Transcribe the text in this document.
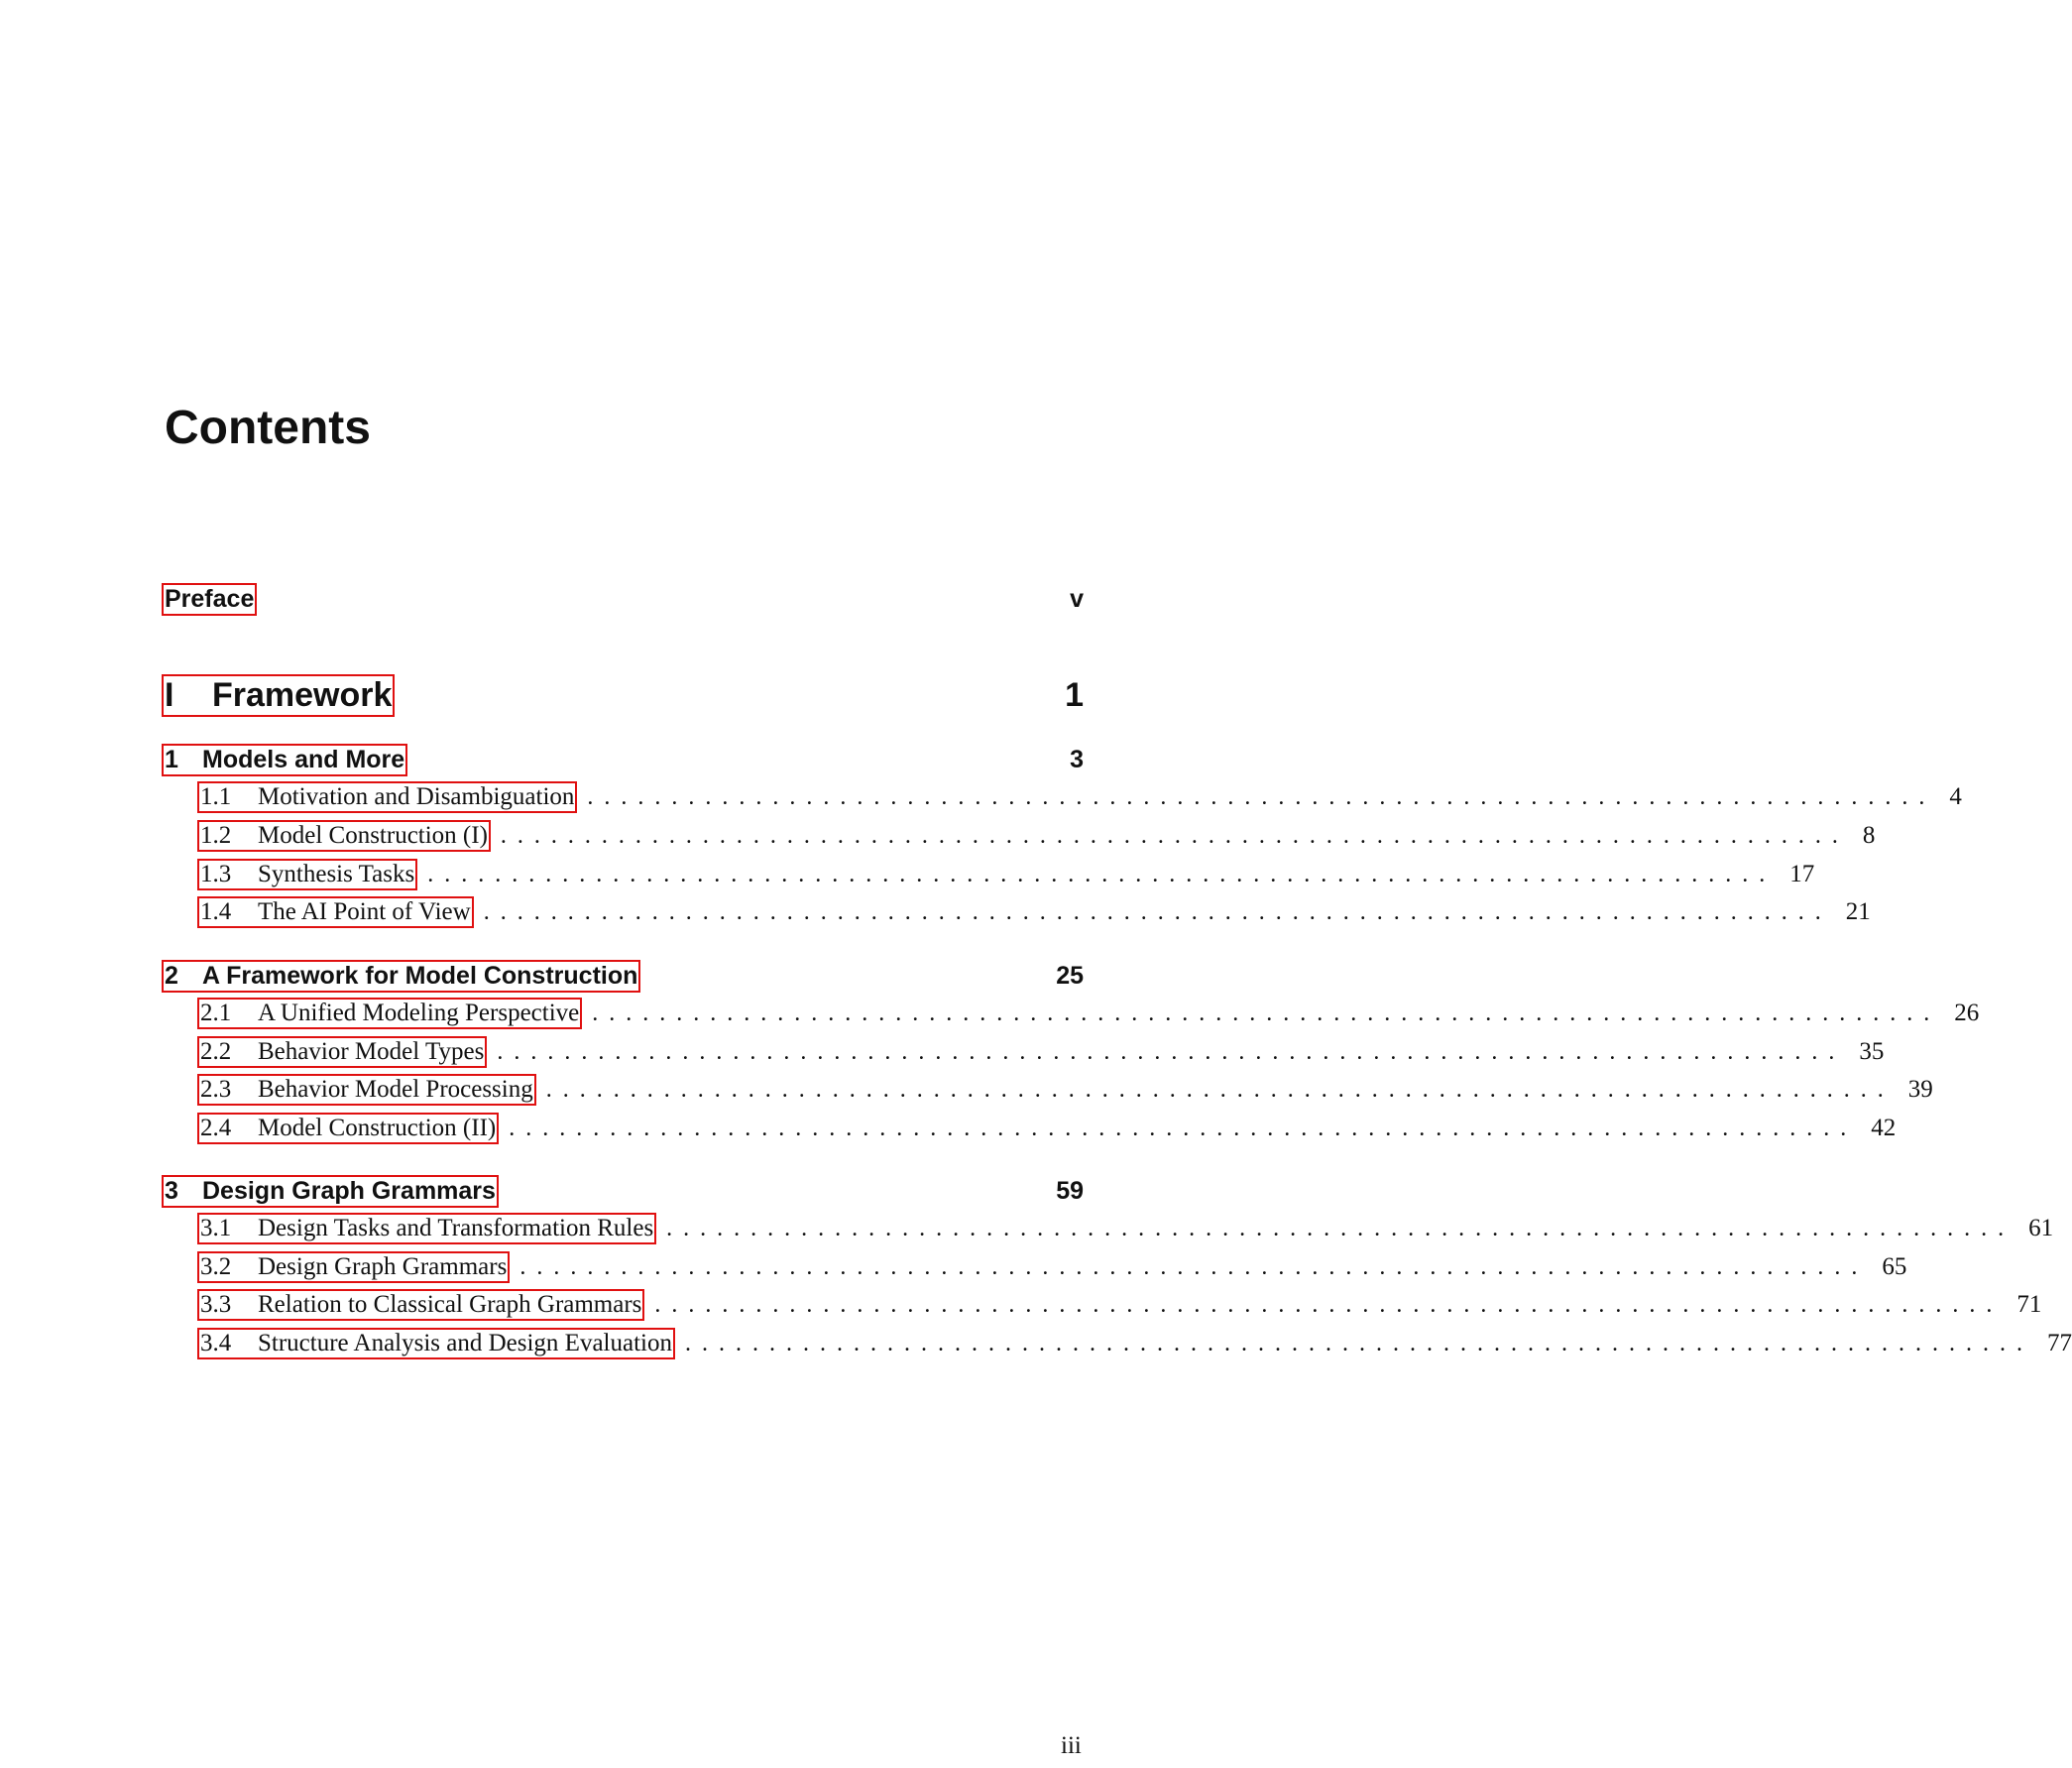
Contents
Preface	v
I	Framework	1
1 Models and More	3
1.1	Motivation and Disambiguation ................................................................................ 4
1.2	Model Construction (I) ................................................................................ 8
1.3	Synthesis Tasks ................................................................................ 17
1.4	The AI Point of View ................................................................................ 21
2 A Framework for Model Construction	25
2.1	A Unified Modeling Perspective ................................................................................ 26
2.2	Behavior Model Types ................................................................................ 35
2.3	Behavior Model Processing ................................................................................ 39
2.4	Model Construction (II) ................................................................................ 42
3 Design Graph Grammars	59
3.1	Design Tasks and Transformation Rules ................................................................................ 61
3.2	Design Graph Grammars ................................................................................ 65
3.3	Relation to Classical Graph Grammars ................................................................................ 71
3.4	Structure Analysis and Design Evaluation ................................................................................ 77
iii
